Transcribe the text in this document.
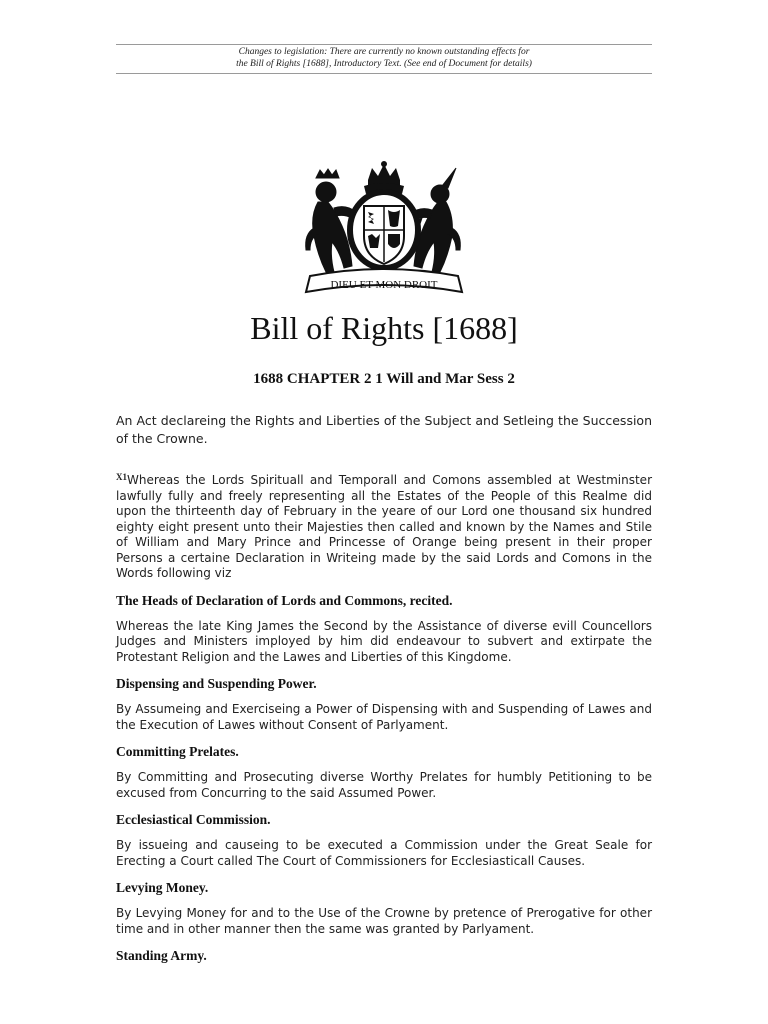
Changes to legislation: There are currently no known outstanding effects for
the Bill of Rights [1688], Introductory Text. (See end of Document for details)
DIEU ET MON DROIT
Bill of Rights [1688]
1688 CHAPTER 2 1 Will and Mar Sess 2
An Act declareing the Rights and Liberties of the Subject and Setleing the Succession of the Crowne.

$^{X1}$Whereas the Lords Spirituall and Temporall and Comons assembled at Westminster lawfully fully and freely representing all the Estates of the People of this Realme did upon the thirteenth day of February in the yeare of our Lord one thousand six hundred eighty eight present unto their Majesties then called and known by the Names and Stile of William and Mary Prince and Princesse of Orange being present in their proper Persons a certaine Declaration in Writeing made by the said Lords and Comons in the Words following viz

The Heads of Declaration of Lords and Commons, recited.

Whereas the late King James the Second by the Assistance of diverse evill Councellors Judges and Ministers imployed by him did endeavour to subvert and extirpate the Protestant Religion and the Lawes and Liberties of this Kingdome.

Dispensing and Suspending Power.

By Assumeing and Exerciseing a Power of Dispensing with and Suspending of Lawes and the Execution of Lawes without Consent of Parlyament.

Committing Prelates.

By Committing and Prosecuting diverse Worthy Prelates for humbly Petitioning to be excused from Concurring to the said Assumed Power.

Ecclesiastical Commission.

By issueing and causeing to be executed a Commission under the Great Seale for Erecting a Court called The Court of Commissioners for Ecclesiasticall Causes.

Levying Money.

By Levying Money for and to the Use of the Crowne by pretence of Prerogative for other time and in other manner then the same was granted by Parlyament.

Standing Army.
